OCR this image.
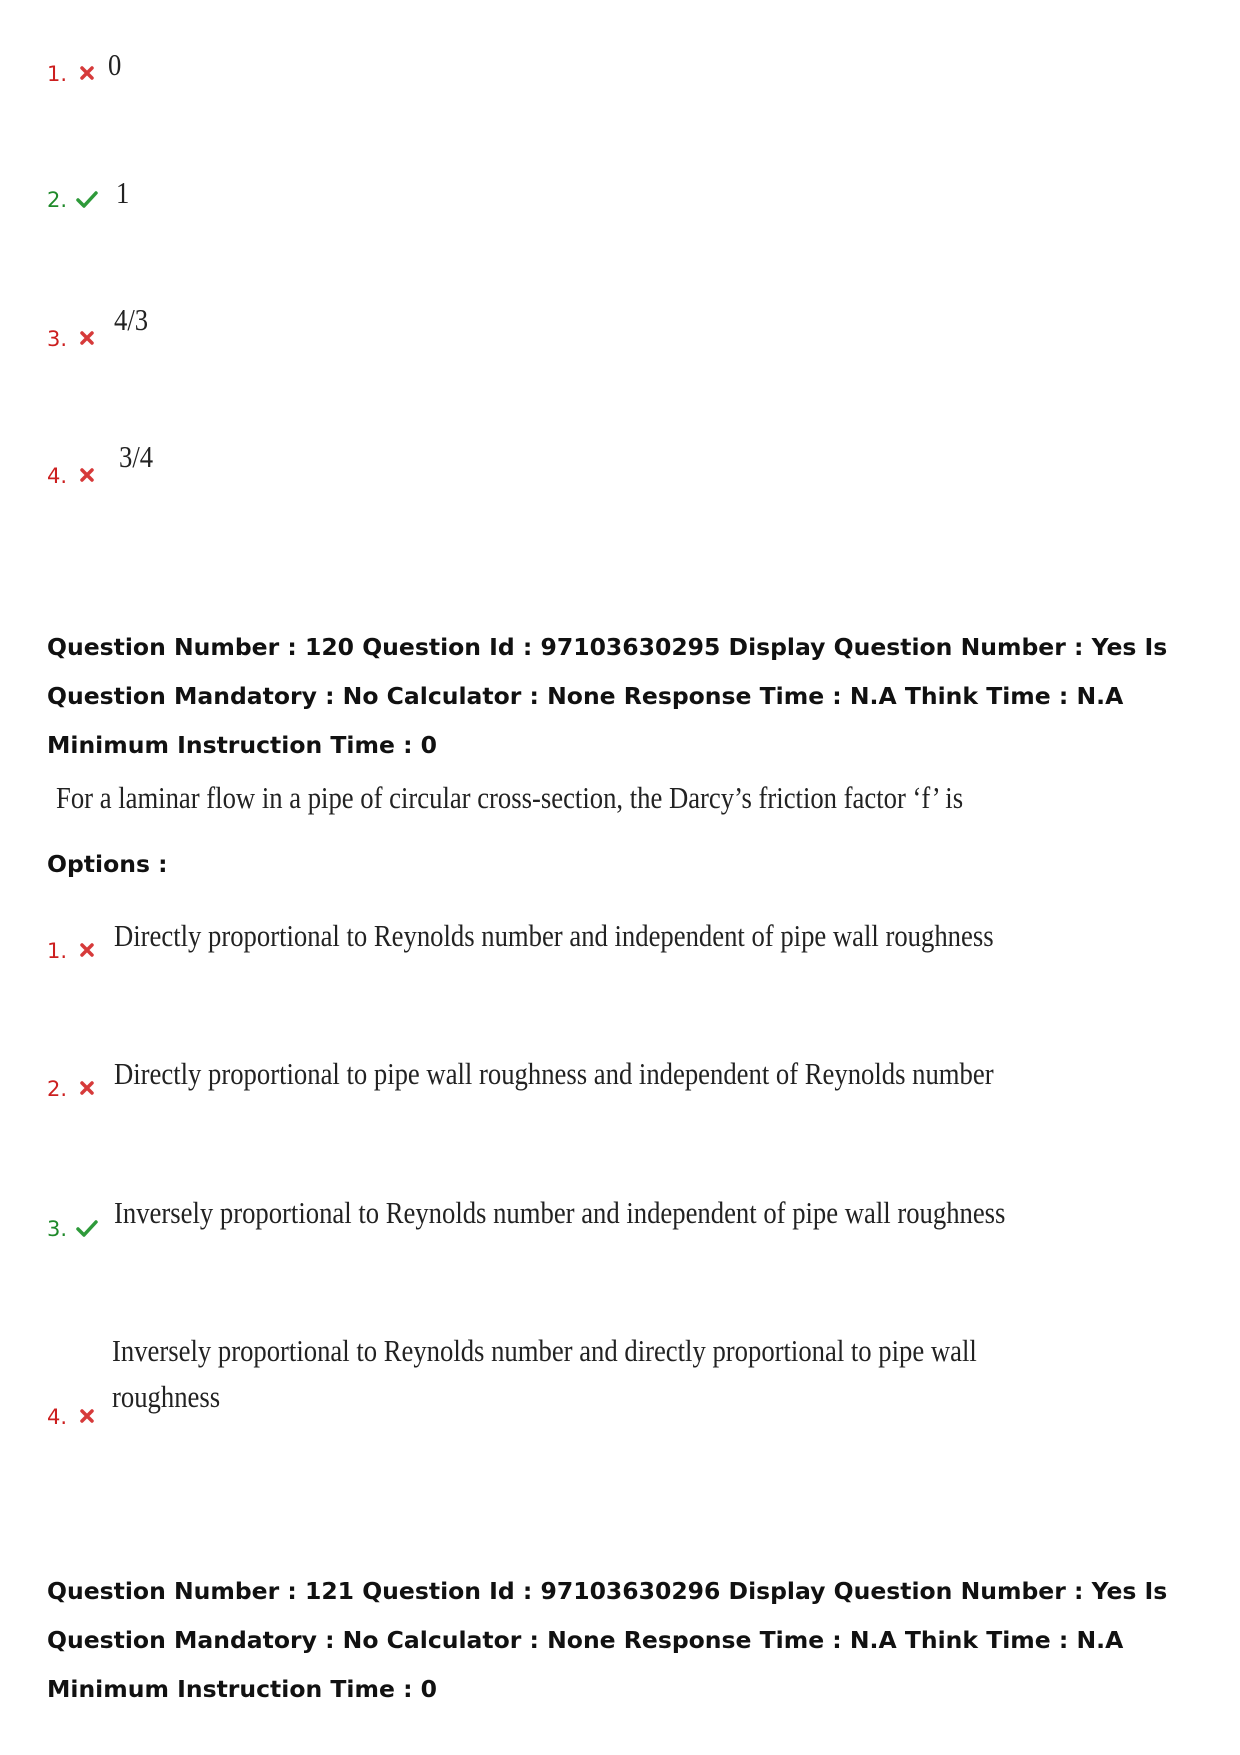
1. 0
2. 1
3.
4/3
4.
3/4
Question Number : 120 Question Id : 97103630295 Display Question Number : Yes Is Question Mandatory : No Calculator : None Response Time : N.A Think Time : N.A Minimum Instruction Time : 0
For a laminar flow in a pipe of circular cross-section, the Darcy’s friction factor ‘f’ is
Options :
1. Directly proportional to Reynolds number and independent of pipe wall roughness
2. Directly proportional to pipe wall roughness and independent of Reynolds number
3. Inversely proportional to Reynolds number and independent of pipe wall roughness
4.
Inversely proportional to Reynolds number and directly proportional to pipe wall roughness
Question Number : 121 Question Id : 97103630296 Display Question Number : Yes Is Question Mandatory : No Calculator : None Response Time : N.A Think Time : N.A Minimum Instruction Time : 0
